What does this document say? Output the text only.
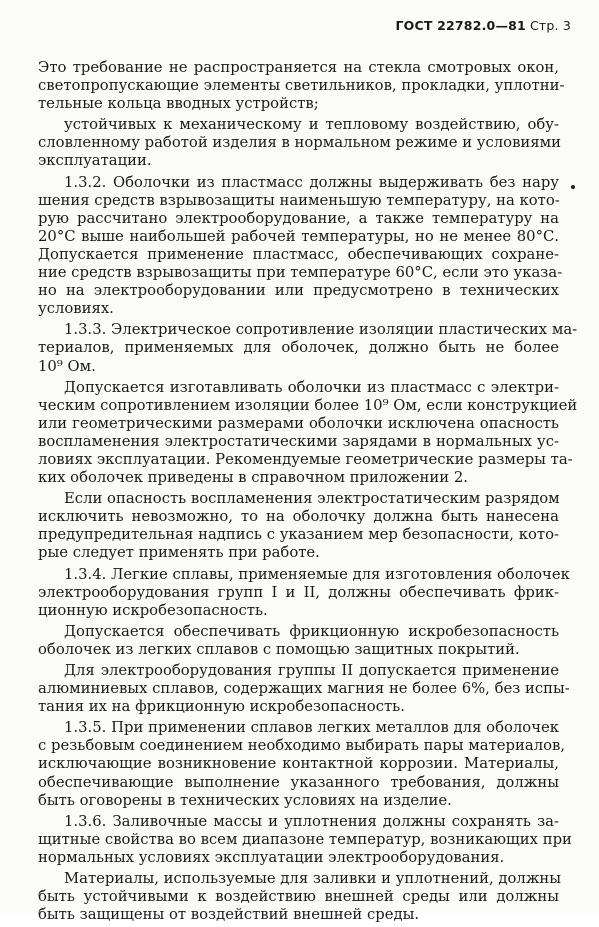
ГОСТ 22782.0—81 Стр. 3
Это требование не распространяется на стекла смотровых окон,
светопропускающие элементы светильников, прокладки, уплотни-
тельные кольца вводных устройств;
устойчивых к механическому и тепловому воздействию, обу-
словленному работой изделия в нормальном режиме и условиями
эксплуатации.
1.3.2. Оболочки из пластмасс должны выдерживать без нару
шения средств взрывозащиты наименьшую температуру, на кото-
рую рассчитано электрооборудование, а также температуру на
20°С выше наибольшей рабочей температуры, но не менее 80°С.
Допускается применение пластмасс, обеспечивающих сохране-
ние средств взрывозащиты при температуре 60°С, если это указа-
но на электрооборудовании или предусмотрено в технических
условиях.
1.3.3. Электрическое сопротивление изоляции пластических ма-
териалов, применяемых для оболочек, должно быть не более
10⁹ Ом.
Допускается изготавливать оболочки из пластмасс с электри-
ческим сопротивлением изоляции более 10⁹ Ом, если конструкцией
или геометрическими размерами оболочки исключена опасность
воспламенения электростатическими зарядами в нормальных ус-
ловиях эксплуатации. Рекомендуемые геометрические размеры та-
ких оболочек приведены в справочном приложении 2.
Если опасность воспламенения электростатическим разрядом
исключить невозможно, то на оболочку должна быть нанесена
предупредительная надпись с указанием мер безопасности, кото-
рые следует применять при работе.
1.3.4. Легкие сплавы, применяемые для изготовления оболочек
электрооборудования групп I и II, должны обеспечивать фрик-
ционную искробезопасность.
Допускается обеспечивать фрикционную искробезопасность
оболочек из легких сплавов с помощью защитных покрытий.
Для электрооборудования группы II допускается применение
алюминиевых сплавов, содержащих магния не более 6%, без испы-
тания их на фрикционную искробезопасность.
1.3.5. При применении сплавов легких металлов для оболочек
с резьбовым соединением необходимо выбирать пары материалов,
исключающие возникновение контактной коррозии. Материалы,
обеспечивающие выполнение указанного требования, должны
быть оговорены в технических условиях на изделие.
1.3.6. Заливочные массы и уплотнения должны сохранять за-
щитные свойства во всем диапазоне температур, возникающих при
нормальных условиях эксплуатации электрооборудования.
Материалы, используемые для заливки и уплотнений, должны
быть устойчивыми к воздействию внешней среды или должны
быть защищены от воздействий внешней среды.
